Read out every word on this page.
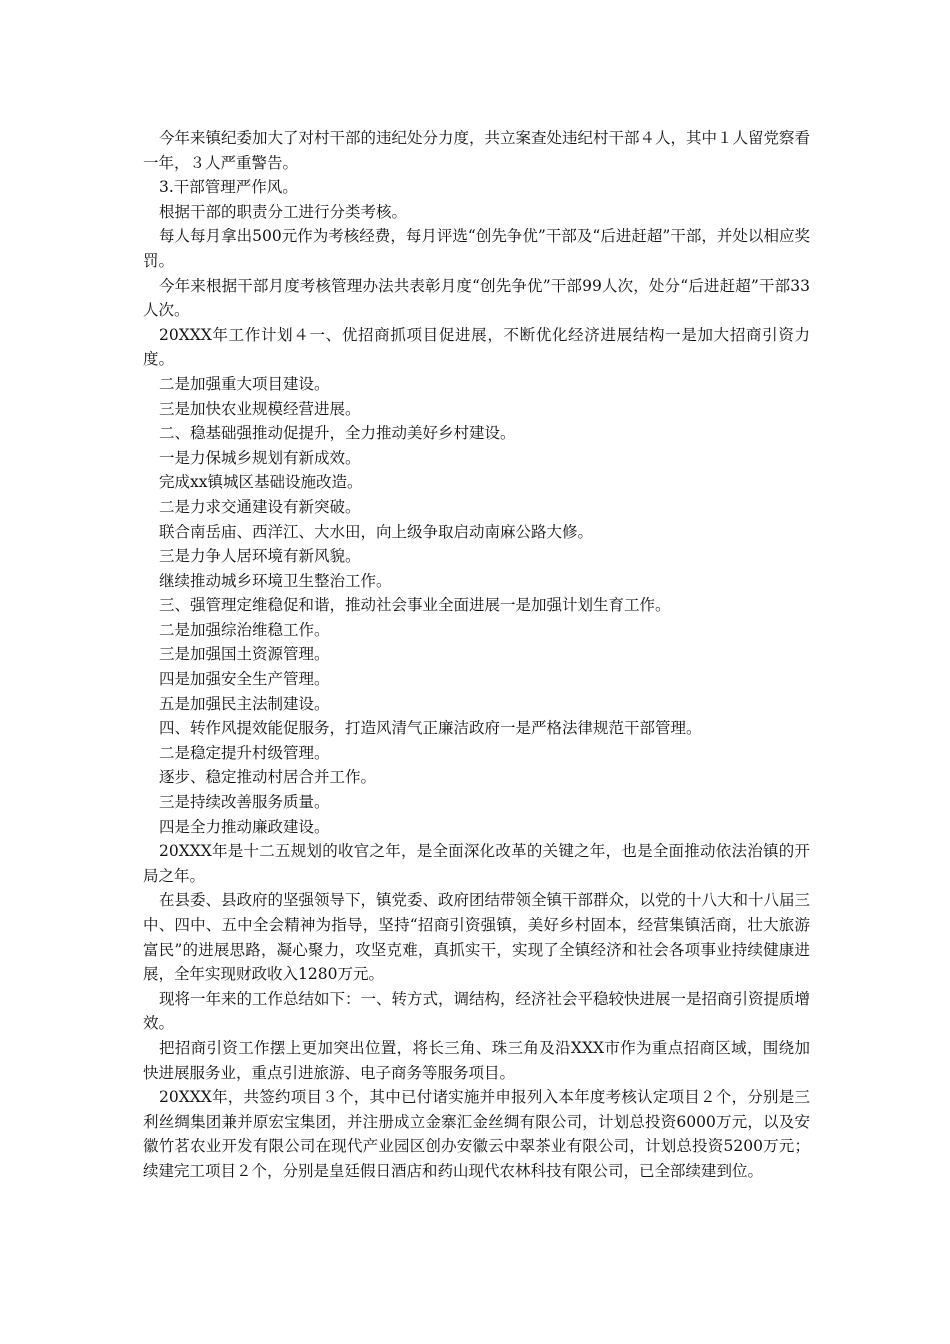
今年来镇纪委加大了对村干部的违纪处分力度，共立案查处违纪村干部４人，其中１人留党察看一年，３人严重警告。

3.干部管理严作风。

根据干部的职责分工进行分类考核。

每人每月拿出500元作为考核经费，每月评选“创先争优”干部及“后进赶超”干部，并处以相应奖罚。

今年来根据干部月度考核管理办法共表彰月度“创先争优”干部99人次，处分“后进赶超”干部33人次。

20XXX年工作计划４一、优招商抓项目促进展，不断优化经济进展结构一是加大招商引资力度。

二是加强重大项目建设。

三是加快农业规模经营进展。

二、稳基础强推动促提升，全力推动美好乡村建设。

一是力保城乡规划有新成效。

完成xx镇城区基础设施改造。

二是力求交通建设有新突破。

联合南岳庙、西洋江、大水田，向上级争取启动南麻公路大修。

三是力争人居环境有新风貌。

继续推动城乡环境卫生整治工作。

三、强管理定维稳促和谐，推动社会事业全面进展一是加强计划生育工作。

二是加强综治维稳工作。

三是加强国土资源管理。

四是加强安全生产管理。

五是加强民主法制建设。

四、转作风提效能促服务，打造风清气正廉洁政府一是严格法律规范干部管理。

二是稳定提升村级管理。

逐步、稳定推动村居合并工作。

三是持续改善服务质量。

四是全力推动廉政建设。

20XXX年是十二五规划的收官之年，是全面深化改革的关键之年，也是全面推动依法治镇的开局之年。

在县委、县政府的坚强领导下，镇党委、政府团结带领全镇干部群众，以党的十八大和十八届三中、四中、五中全会精神为指导，坚持“招商引资强镇，美好乡村固本，经营集镇活商，壮大旅游富民”的进展思路，凝心聚力，攻坚克难，真抓实干，实现了全镇经济和社会各项事业持续健康进展，全年实现财政收入1280万元。

现将一年来的工作总结如下：一、转方式，调结构，经济社会平稳较快进展一是招商引资提质增效。

把招商引资工作摆上更加突出位置，将长三角、珠三角及沿XXX市作为重点招商区域，围绕加快进展服务业，重点引进旅游、电子商务等服务项目。

20XXX年，共签约项目３个，其中已付诸实施并申报列入本年度考核认定项目２个，分别是三利丝绸集团兼并原宏宝集团，并注册成立金寨汇金丝绸有限公司，计划总投资6000万元，以及安徽竹茗农业开发有限公司在现代产业园区创办安徽云中翠茶业有限公司，计划总投资5200万元；续建完工项目２个，分别是皇廷假日酒店和药山现代农林科技有限公司，已全部续建到位。
